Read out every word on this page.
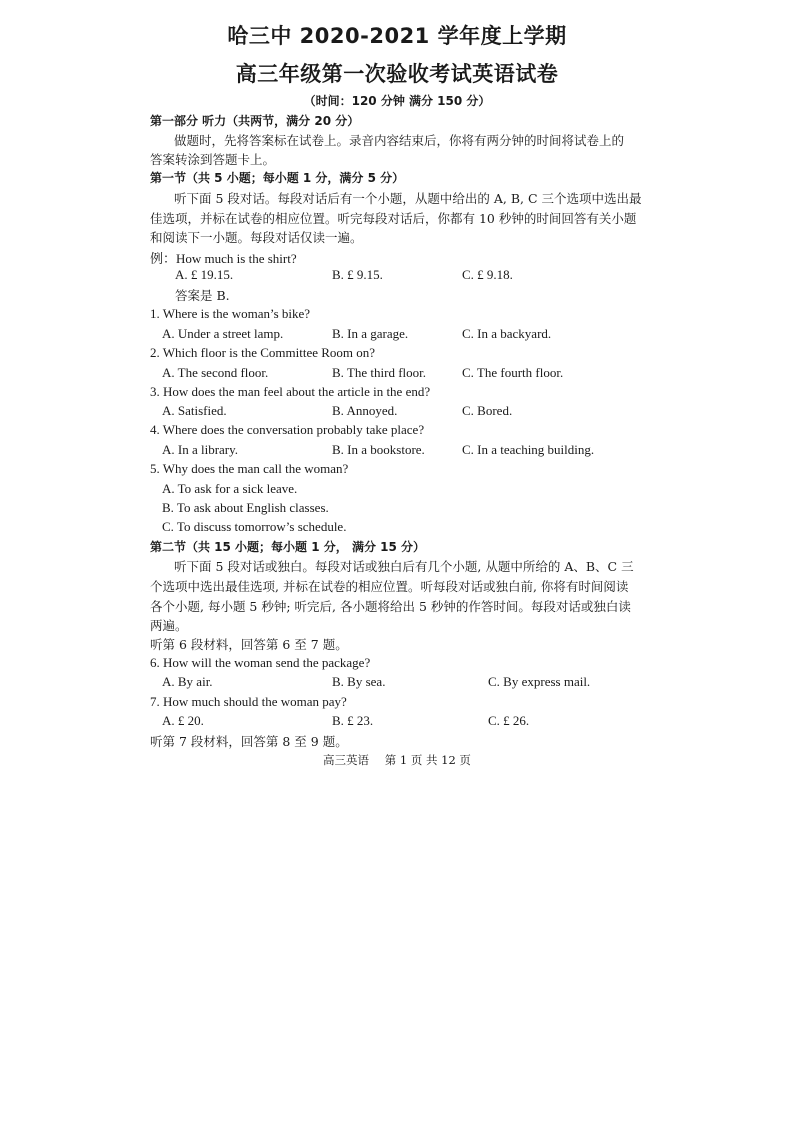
哈三中 2020-2021 学年度上学期
高三年级第一次验收考试英语试卷
（时间：120 分钟 满分 150 分）
第一部分 听力（共两节，满分 20 分）
做题时，先将答案标在试卷上。录音内容结束后，你将有两分钟的时间将试卷上的
答案转涂到答题卡上。
第一节（共 5 小题；每小题 1 分，满分 5 分）
听下面 5 段对话。每段对话后有一个小题，从题中给出的 A, B, C 三个选项中选出最
佳选项，并标在试卷的相应位置。听完每段对话后，你都有 10 秒钟的时间回答有关小题
和阅读下一小题。每段对话仅读一遍。
例：How much is the shirt?
A. £ 19.15.	B. £ 9.15.	C. £ 9.18.
答案是 B.
1. Where is the woman’s bike?
A. Under a street lamp.	B. In a garage.	C. In a backyard.
2. Which floor is the Committee Room on?
A. The second floor.	B. The third floor.	C. The fourth floor.
3. How does the man feel about the article in the end?
A. Satisfied.	B. Annoyed.	C. Bored.
4. Where does the conversation probably take place?
A. In a library.	B. In a bookstore.	C. In a teaching building.
5. Why does the man call the woman?
A. To ask for a sick leave.
B. To ask about English classes.
C. To discuss tomorrow’s schedule.
第二节（共 15 小题；每小题 1 分， 满分 15 分）
听下面 5 段对话或独白。每段对话或独白后有几个小题, 从题中所给的 A、B、C 三
个选项中选出最佳选项, 并标在试卷的相应位置。听每段对话或独白前, 你将有时间阅读
各个小题, 每小题 5 秒钟; 听完后, 各小题将给出 5 秒钟的作答时间。每段对话或独白读
两遍。
听第 6 段材料，回答第 6 至 7 题。
6. How will the woman send the package?
A. By air.	B. By sea.	C. By express mail.
7. How much should the woman pay?
A. £ 20.	B. £ 23.	C. £ 26.
听第 7 段材料，回答第 8 至 9 题。
高三英语 第 1 页 共 12 页
